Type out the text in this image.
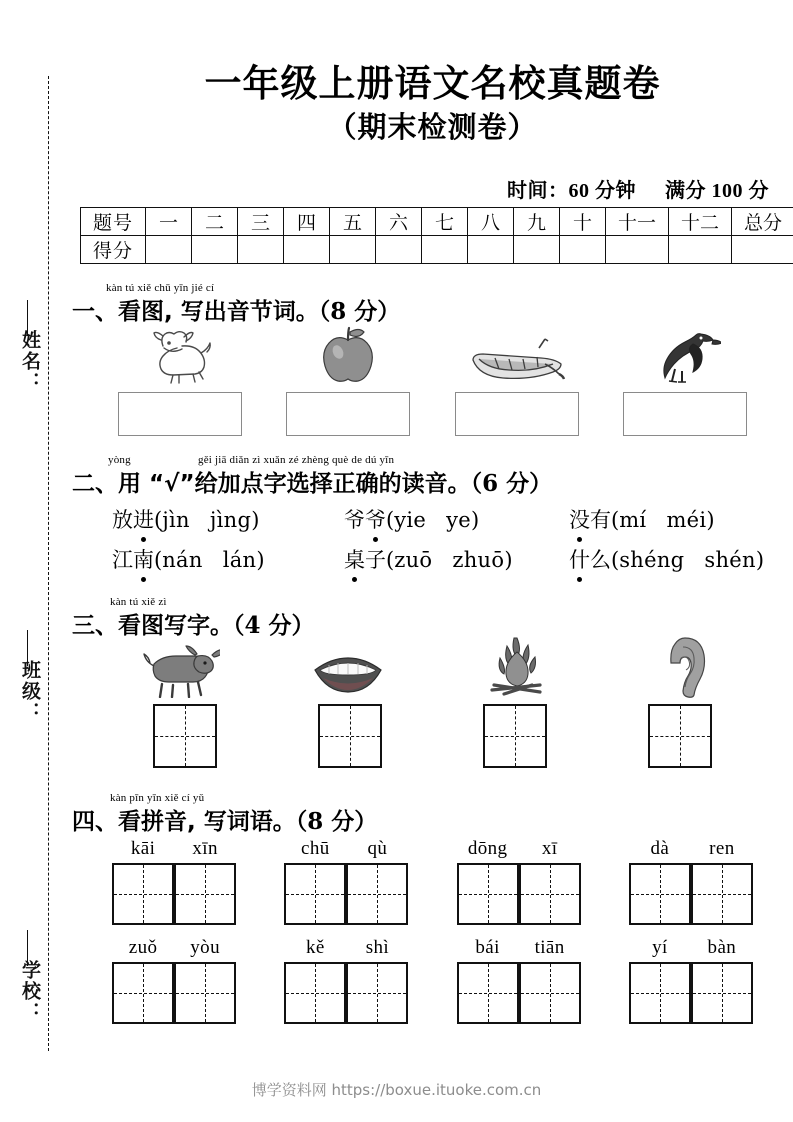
姓名：
班级：
学校：
一年级上册语文名校真题卷
（期末检测卷）
时间：60 分钟 满分 100 分
题号	一	二	三	四	五	六	七	八	九	十	十一	十二	总分
得分													
kàn tú xiě chū yīn jié cí
一、看图, 写出音节词。（8 分）
yòng	gěi jiā diǎn zì xuǎn zé zhèng què de dú yīn
二、用 “√”给加点字选择正确的读音。（6 分）
放进(jìn jìng)	爷爷(yie ye)	没有(mí méi)
江南(nán lán)	桌子(zuō zhuō)	什么(shéng shén)
kàn tú xiě zì
三、看图写字。（4 分）
kàn pīn yīn xiě cí yǔ
四、看拼音, 写词语。（8 分）
kāi	xīn	chū	qù	dōng	xī	dà	ren
zuǒ	yòu	kě	shì	bái	tiān	yí	bàn
博学资料网 https://boxue.ituoke.com.cn
